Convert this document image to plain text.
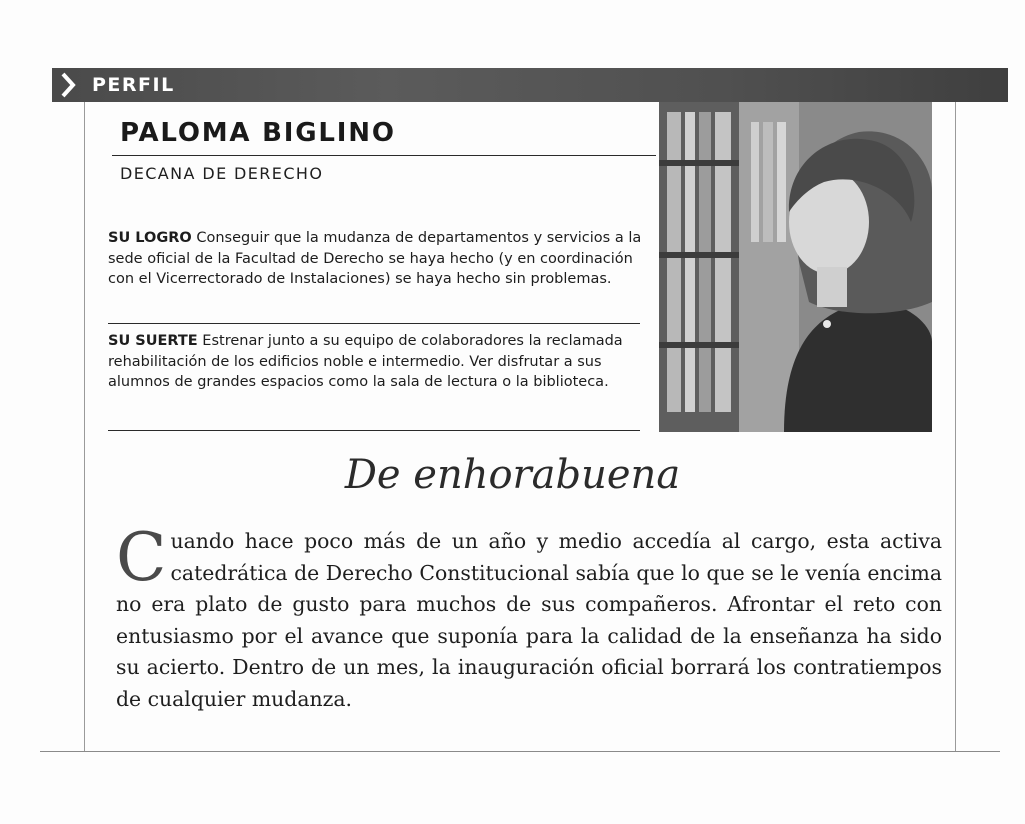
PERFIL
PALOMA BIGLINO
DECANA DE DERECHO
SU LOGRO Conseguir que la mudanza de departamentos y servicios a la sede oficial de la Facultad de Derecho se haya hecho (y en coordinación con el Vicerrectorado de Instalaciones) se haya hecho sin problemas.
SU SUERTE Estrenar junto a su equipo de colaboradores la reclamada rehabilitación de los edificios noble e intermedio. Ver disfrutar a sus alumnos de grandes espacios como la sala de lectura o la biblioteca.
De enhorabuena
Cuando hace poco más de un año y medio accedía al cargo, esta activa catedrática de Derecho Constitucional sabía que lo que se le venía encima no era plato de gusto para muchos de sus compañeros. Afrontar el reto con entusiasmo por el avance que suponía para la calidad de la enseñanza ha sido su acierto. Dentro de un mes, la inauguración oficial borrará los contratiempos de cualquier mudanza.
